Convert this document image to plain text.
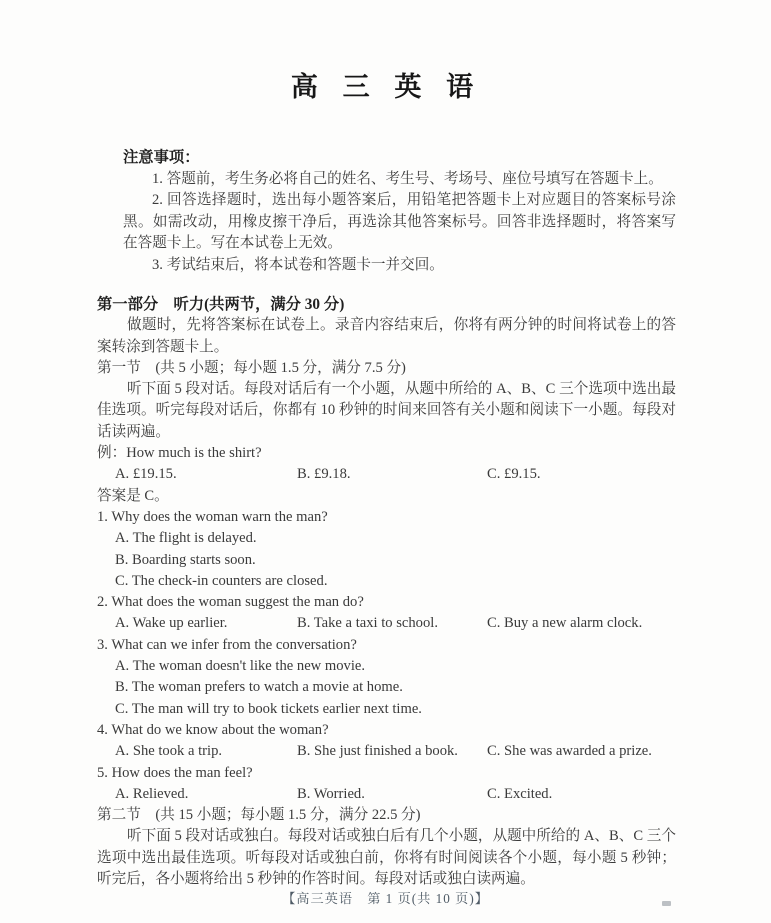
高 三 英 语
注意事项：

1. 答题前，考生务必将自己的姓名、考生号、考场号、座位号填写在答题卡上。

2. 回答选择题时，选出每小题答案后，用铅笔把答题卡上对应题目的答案标号涂黑。如需改动，用橡皮擦干净后，再选涂其他答案标号。回答非选择题时，将答案写在答题卡上。写在本试卷上无效。

3. 考试结束后，将本试卷和答题卡一并交回。

第一部分　听力(共两节，满分 30 分)

做题时，先将答案标在试卷上。录音内容结束后，你将有两分钟的时间将试卷上的答案转涂到答题卡上。

第一节　(共 5 小题；每小题 1.5 分，满分 7.5 分)

听下面 5 段对话。每段对话后有一个小题，从题中所给的 A、B、C 三个选项中选出最佳选项。听完每段对话后，你都有 10 秒钟的时间来回答有关小题和阅读下一小题。每段对话读两遍。

例：How much is the shirt?
A. £19.15.	B. £9.18.	C. £9.15.
答案是 C。
1. Why does the woman warn the man?
A. The flight is delayed.
B. Boarding starts soon.
C. The check-in counters are closed.
2. What does the woman suggest the man do?
A. Wake up earlier.	B. Take a taxi to school.	C. Buy a new alarm clock.
3. What can we infer from the conversation?
A. The woman doesn't like the new movie.
B. The woman prefers to watch a movie at home.
C. The man will try to book tickets earlier next time.
4. What do we know about the woman?
A. She took a trip.	B. She just finished a book.	C. She was awarded a prize.
5. How does the man feel?
A. Relieved.	B. Worried.	C. Excited.
第二节　(共 15 小题；每小题 1.5 分，满分 22.5 分)

听下面 5 段对话或独白。每段对话或独白后有几个小题，从题中所给的 A、B、C 三个选项中选出最佳选项。听每段对话或独白前，你将有时间阅读各个小题，每小题 5 秒钟；听完后，各小题将给出 5 秒钟的作答时间。每段对话或独白读两遍。

【高三英语　第 1 页(共 10 页)】
